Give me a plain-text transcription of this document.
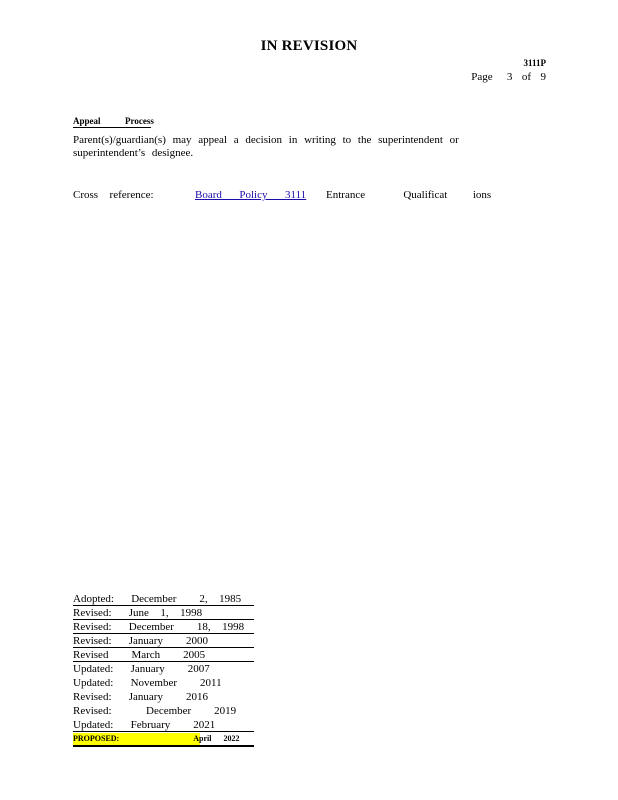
IN REVISION
3111P
Page   3  of  9
Appeal  Process
Parent(s)/guardian(s) may appeal a decision in writing to the superintendent or superintendent’s designee.
Cross  reference:	Board  Policy  3111 Entrance   Qualificat  ions
Adopted:   December    2,  1985
Revised:   June  1,  1998
Revised:   December    18,  1998
Revised:   January    2000
Revised    March    2005
Updated:   January    2007
Updated:   November    2011
Revised:   January    2016
Revised:      December    2019
Updated:   February    2021
PROPOSED:	April 2022
